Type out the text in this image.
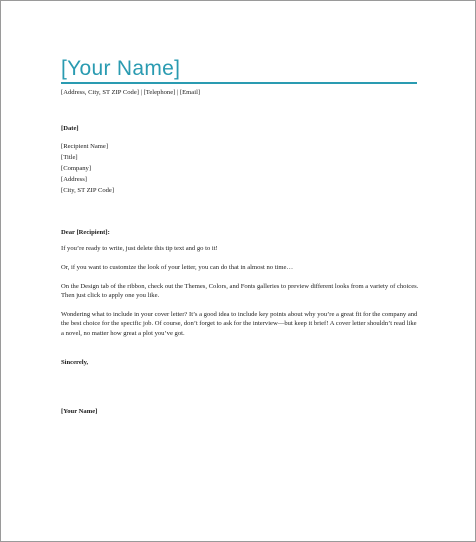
[Your Name]
[Address, City, ST ZIP Code] | [Telephone] | [Email]
[Date]
[Recipient Name]
[Title]
[Company]
[Address]
[City, ST ZIP Code]
Dear [Recipient]:
If you’re ready to write, just delete this tip text and go to it!
Or, if you want to customize the look of your letter, you can do that in almost no time…
On the Design tab of the ribbon, check out the Themes, Colors, and Fonts galleries to preview different looks from a variety of choices. Then just click to apply one you like.
Wondering what to include in your cover letter? It’s a good idea to include key points about why you’re a great fit for the company and the best choice for the specific job. Of course, don’t forget to ask for the interview—but keep it brief! A cover letter shouldn’t read like a novel, no matter how great a plot you’ve got.
Sincerely,
[Your Name]
